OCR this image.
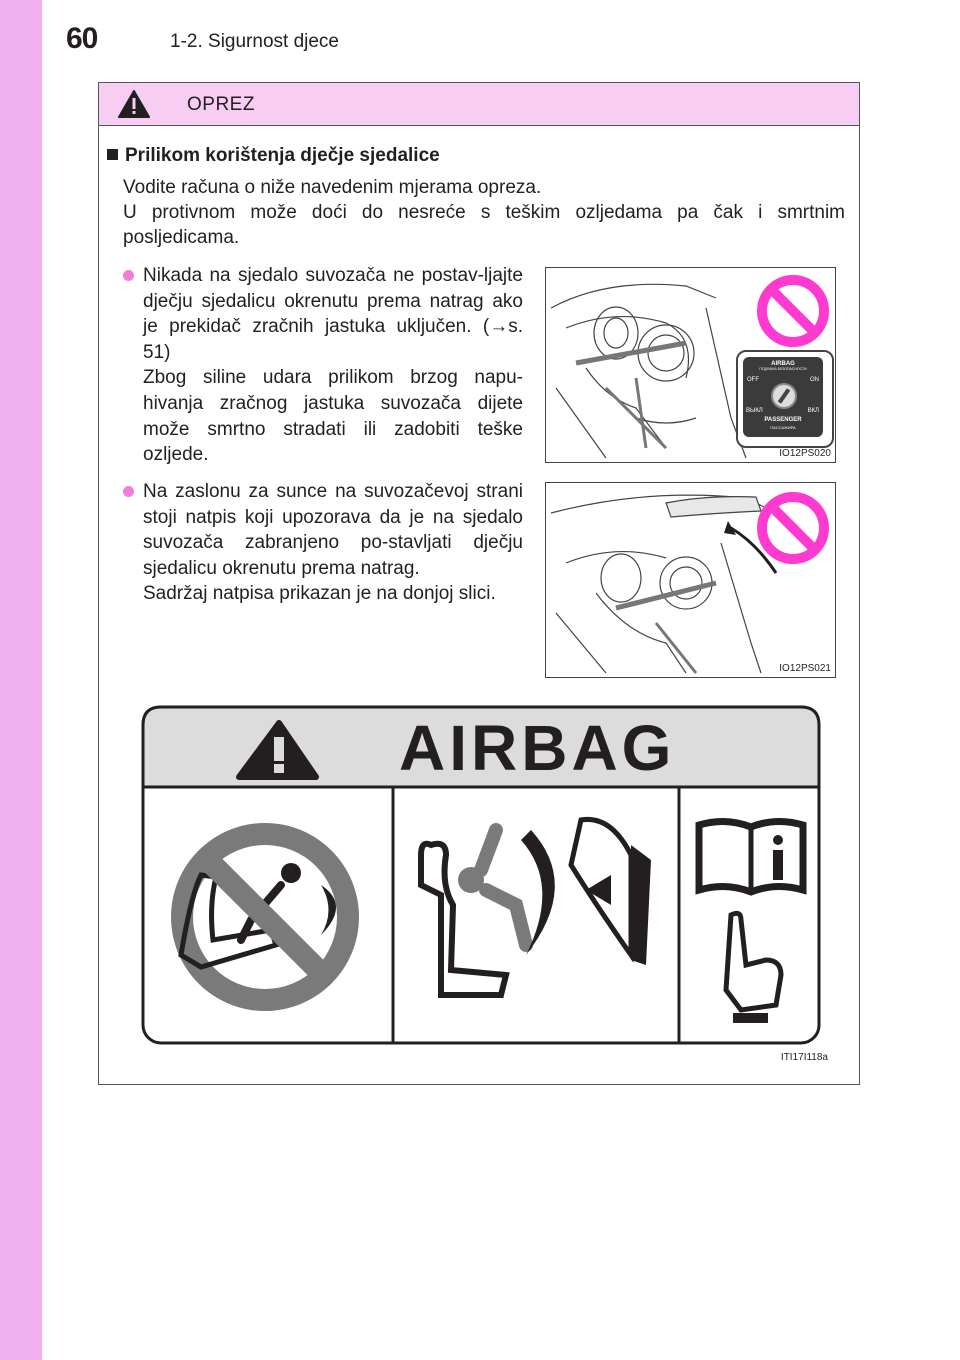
60	1-2. Sigurnost djece
OPREZ
Prilikom korištenja dječje sjedalice
Vodite računa o niže navedenim mjerama opreza.
U protivnom može doći do nesreće s teškim ozljedama pa čak i smrtnim posljedicama.

Nikada na sjedalo suvozača ne postav-ljajte dječju sjedalicu okrenutu prema natrag ako je prekidač zračnih jastuka uključen. (→s. 51)
Zbog siline udara prilikom brzog napu-hivanja zračnog jastuka suvozača dijete može smrtno stradati ili zadobiti teške ozljede.

AIRBAG
ПОДУШКА БЕЗОПАСНОСТИ
OFF	ON
ВЫКЛ	ВКЛ
PASSENGER
ПАССАЖИРА
IO12PS020

Na zaslonu za sunce na suvozačevoj strani stoji natpis koji upozorava da je na sjedalo suvozača zabranjeno po-stavljati dječju sjedalicu okrenutu prema natrag.
Sadržaj natpisa prikazan je na donjoj slici.

IO12PS021
AIRBAG
ITI17I118a
